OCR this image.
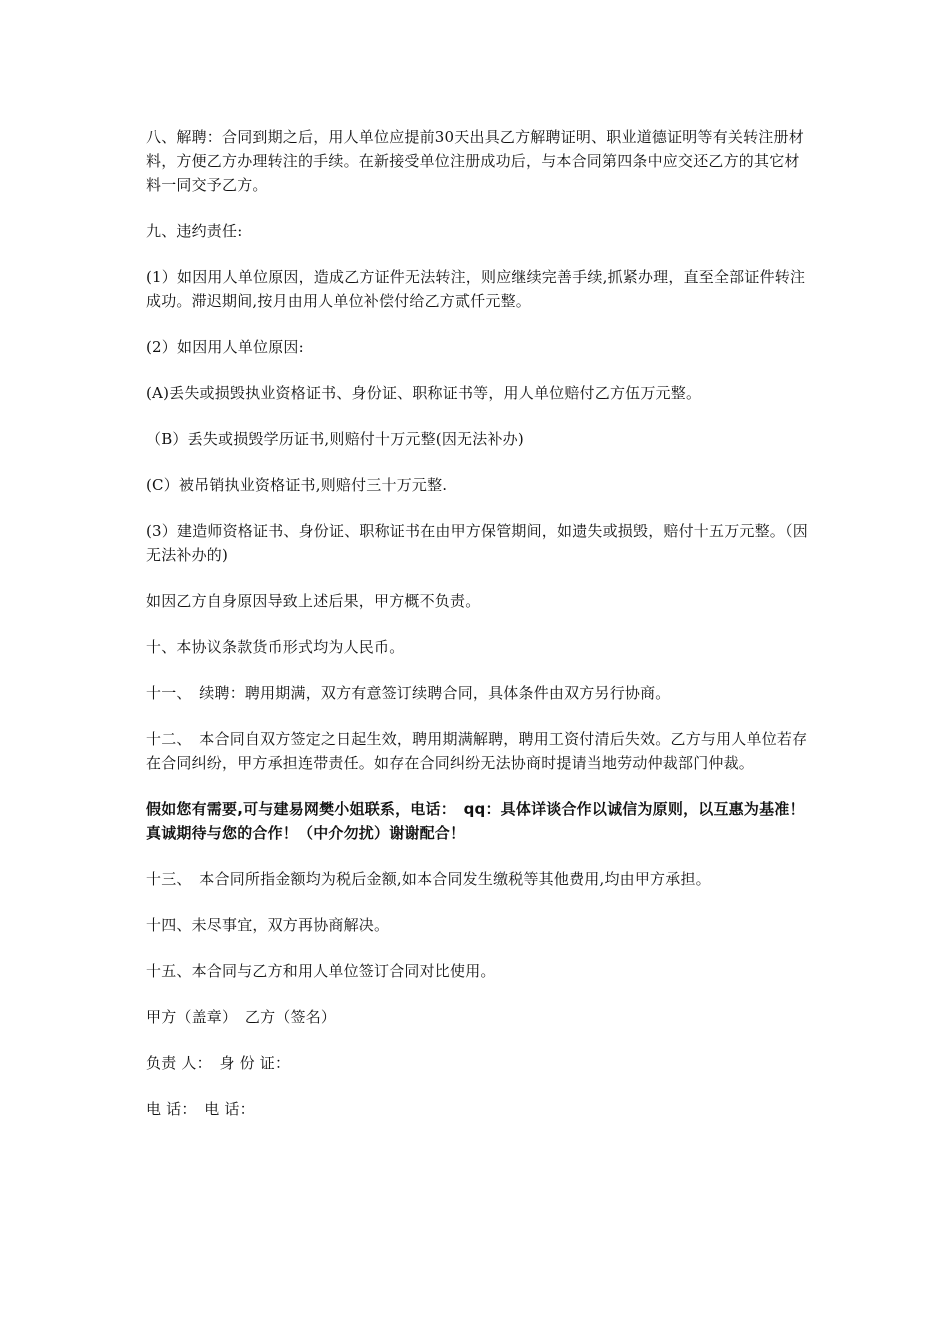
八、解聘：合同到期之后，用人单位应提前30天出具乙方解聘证明、职业道德证明等有关转注册材料，方便乙方办理转注的手续。在新接受单位注册成功后，与本合同第四条中应交还乙方的其它材料一同交予乙方。

九、违约责任:

(1）如因用人单位原因，造成乙方证件无法转注，则应继续完善手续,抓紧办理，直至全部证件转注成功。滞迟期间,按月由用人单位补偿付给乙方贰仟元整。

(2）如因用人单位原因:

(A)丢失或损毁执业资格证书、身份证、职称证书等，用人单位赔付乙方伍万元整。

（B）丢失或损毁学历证书,则赔付十万元整(因无法补办)

(C）被吊销执业资格证书,则赔付三十万元整.

(3）建造师资格证书、身份证、职称证书在由甲方保管期间，如遗失或损毁，赔付十五万元整。（因无法补办的)

如因乙方自身原因导致上述后果，甲方概不负责。

十、本协议条款货币形式均为人民币。

十一、　续聘：聘用期满，双方有意签订续聘合同，具体条件由双方另行协商。

十二、　本合同自双方签定之日起生效，聘用期满解聘，聘用工资付清后失效。乙方与用人单位若存在合同纠纷，甲方承担连带责任。如存在合同纠纷无法协商时提请当地劳动仲裁部门仲裁。

假如您有需要,可与建易网樊小姐联系，电话：　qq：具体详谈合作以诚信为原则，以互惠为基准！真诚期待与您的合作！（中介勿扰）谢谢配合！

十三、　本合同所指金额均为税后金额,如本合同发生缴税等其他费用,均由甲方承担。

十四、未尽事宜，双方再协商解决。

十五、本合同与乙方和用人单位签订合同对比使用。

甲方（盖章）　乙方（签名）

负责 人：　身 份 证：

电 话：　电 话：
